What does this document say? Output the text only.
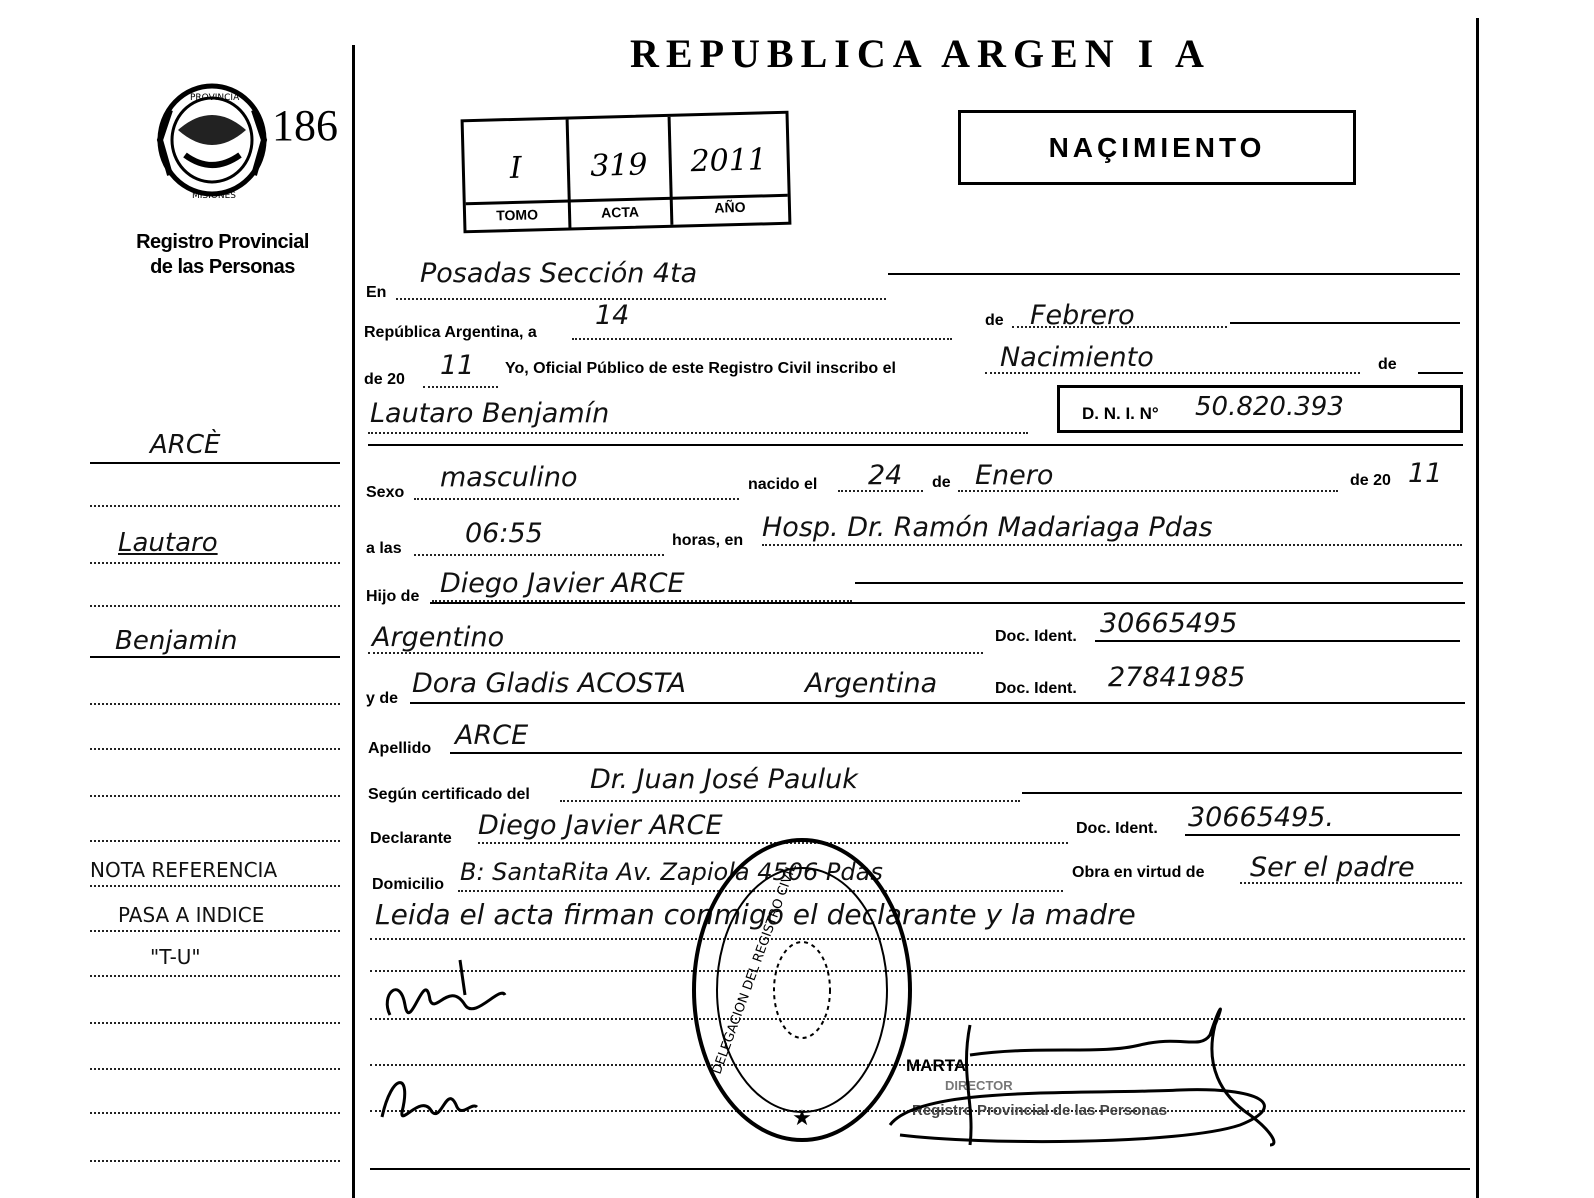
REPUBLICA ARGEN I A
PROVINCIA
MISIONES
186
Registro Provincial
de las Personas
I	319	2011
TOMO	ACTA	AÑO
NAÇIMIENTO
ARCÈ
Lautaro
Benjamin
NOTA REFERENCIA
PASA A INDICE
"T-U"
En
Posadas Sección 4ta
República Argentina, a
14	de Febrero
de 20 11 Yo, Oficial Público de este Registro Civil inscribo el	Nacimiento	de
Lautaro Benjamín	D. N. I. N° 50.820.393
Sexo masculino	nacido el 24 de Enero	de 20 11
a las 06:55	horas, en Hosp. Dr. Ramón Madariaga Pdas
Hijo de Diego Javier ARCE
Argentino	Doc. Ident. 30665495
y de Dora Gladis ACOSTA	Argentina	Doc. Ident. 27841985
Apellido ARCE
Según certificado del Dr. Juan José Pauluk
Declarante Diego Javier ARCE	Doc. Ident. 30665495.
Domicilio B: SantaRita Av. Zapiola 4506 Pdas	Obra en virtud de Ser el padre
Leida el acta firman conmigo el declarante y la madre
DELEGACION DEL REGISTRO CIVIL
★
MARTA
DIRECTOR
Registro Provincial de las Personas
